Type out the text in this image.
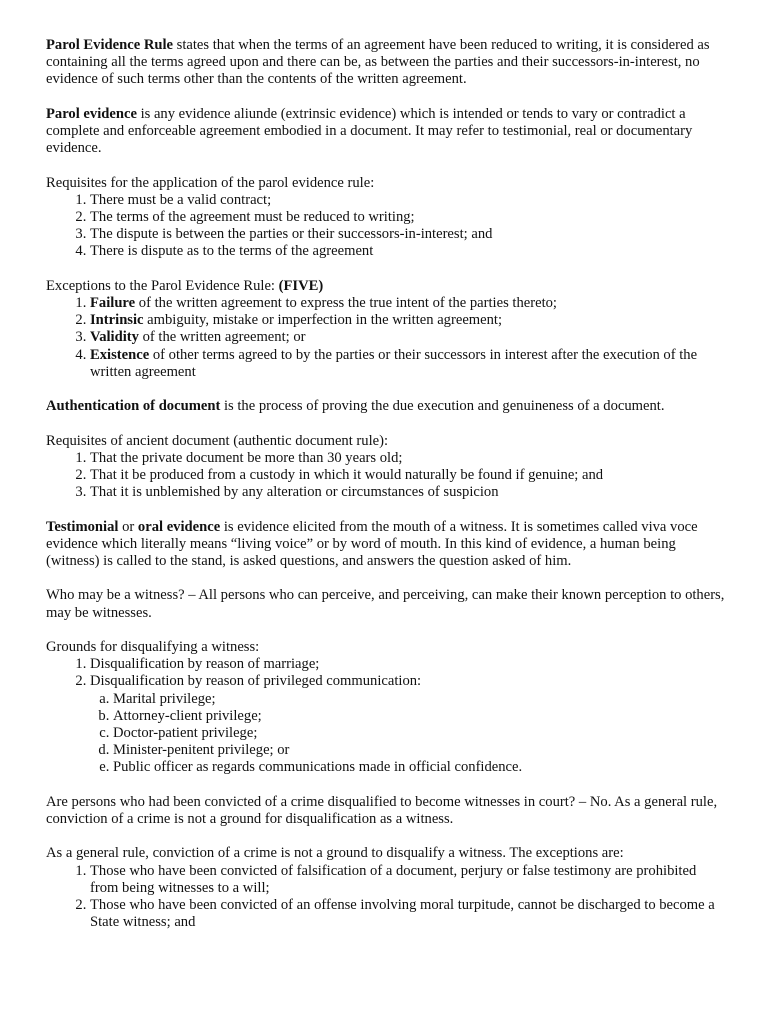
Parol Evidence Rule states that when the terms of an agreement have been reduced to writing, it is considered as containing all the terms agreed upon and there can be, as between the parties and their successors-in-interest, no evidence of such terms other than the contents of the written agreement.

Parol evidence is any evidence aliunde (extrinsic evidence) which is intended or tends to vary or contradict a complete and enforceable agreement embodied in a document. It may refer to testimonial, real or documentary evidence.

Requisites for the application of the parol evidence rule:
1. There must be a valid contract;
2. The terms of the agreement must be reduced to writing;
3. The dispute is between the parties or their successors-in-interest; and
4. There is dispute as to the terms of the agreement
Exceptions to the Parol Evidence Rule: (FIVE)
1. Failure of the written agreement to express the true intent of the parties thereto;
2. Intrinsic ambiguity, mistake or imperfection in the written agreement;
3. Validity of the written agreement; or
4. Existence of other terms agreed to by the parties or their successors in interest after the execution of the written agreement

Authentication of document is the process of proving the due execution and genuineness of a document.

Requisites of ancient document (authentic document rule):
1. That the private document be more than 30 years old;
2. That it be produced from a custody in which it would naturally be found if genuine; and
3. That it is unblemished by any alteration or circumstances of suspicion

Testimonial or oral evidence is evidence elicited from the mouth of a witness. It is sometimes called viva voce evidence which literally means “living voice” or by word of mouth. In this kind of evidence, a human being (witness) is called to the stand, is asked questions, and answers the question asked of him.

Who may be a witness? – All persons who can perceive, and perceiving, can make their known perception to others, may be witnesses.

Grounds for disqualifying a witness:
1. Disqualification by reason of marriage;
2. Disqualification by reason of privileged communication:
a. Marital privilege;
b. Attorney-client privilege;
c. Doctor-patient privilege;
d. Minister-penitent privilege; or
e. Public officer as regards communications made in official confidence.

Are persons who had been convicted of a crime disqualified to become witnesses in court? – No. As a general rule, conviction of a crime is not a ground for disqualification as a witness.

As a general rule, conviction of a crime is not a ground to disqualify a witness. The exceptions are:
1. Those who have been convicted of falsification of a document, perjury or false testimony are prohibited from being witnesses to a will;
2. Those who have been convicted of an offense involving moral turpitude, cannot be discharged to become a State witness; and
